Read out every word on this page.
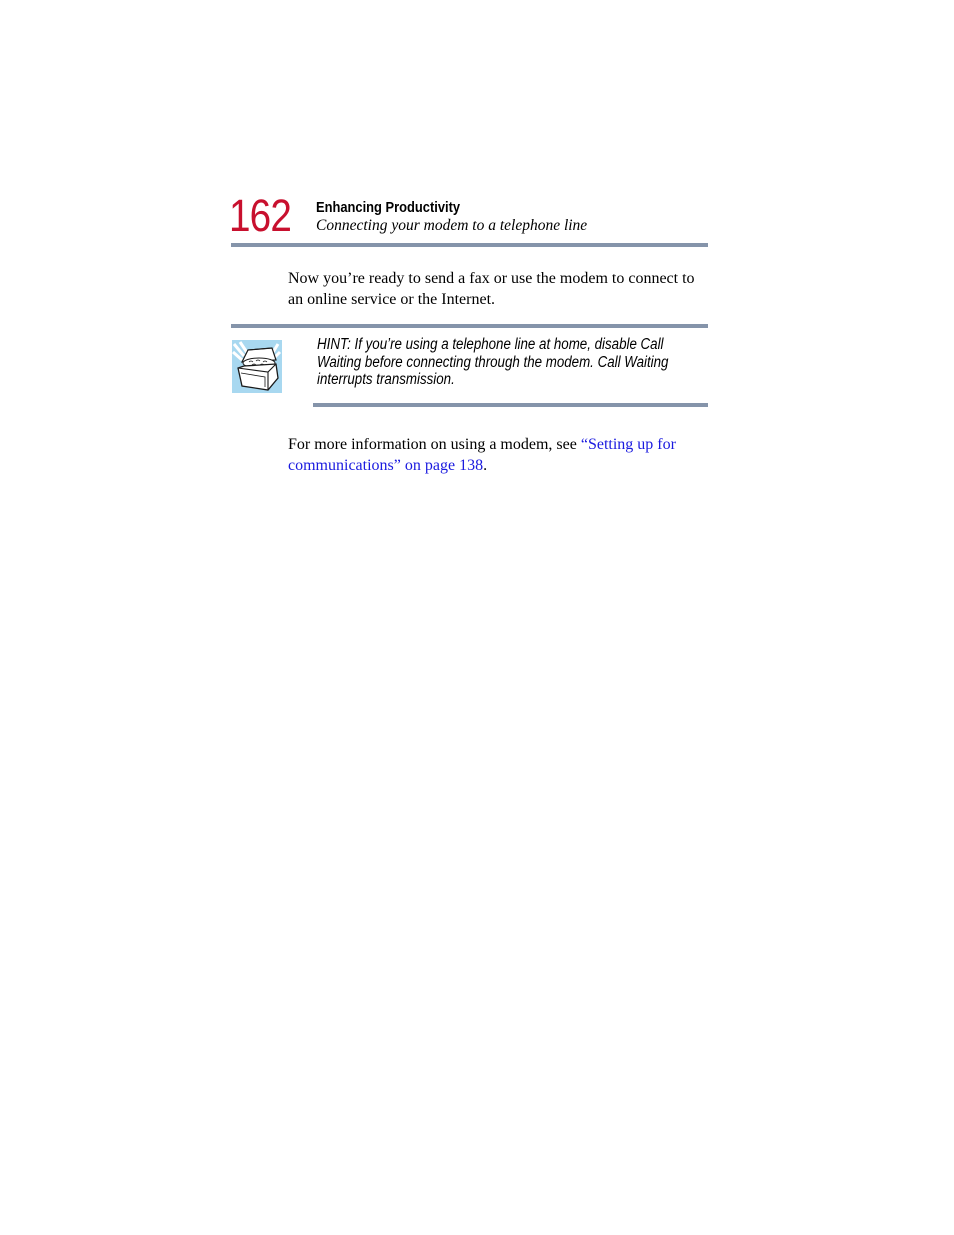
162 Enhancing Productivity
Connecting your modem to a telephone line

Now you’re ready to send a fax or use the modem to connect to an online service or the Internet.

HINT: If you’re using a telephone line at home, disable Call Waiting before connecting through the modem. Call Waiting interrupts transmission.

For more information on using a modem, see “Setting up for communications” on page 138.
